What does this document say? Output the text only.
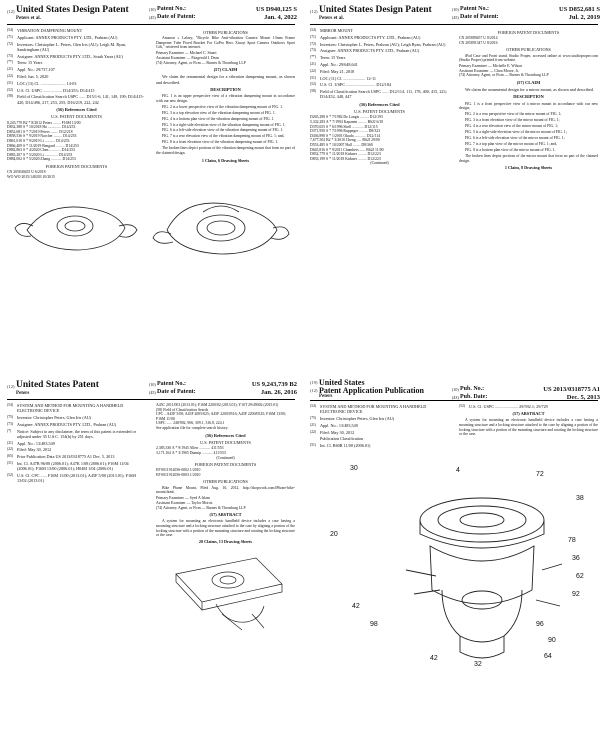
(12) United States Design Patent
Peters et al.
(10) Patent No.:	US D940,125 S
(45) Date of Patent:	Jan. 4, 2022
(54) VIBRATION DAMPENING MOUNT
(71) Applicant: ANNEX PRODUCTS PTY. LTD., Prahran (AU)
(72) Inventors: Christopher L. Peters, Glen Iris (AU); Leigh M. Ryan, Sandringham (AU)
(73) Assignee: ANNEX PRODUCTS PTY. LTD., South Yarra (AU)
(**) Term: 15 Years
(21) Appl. No.: 29/737,107
(22) Filed: Jun. 5, 2020
(51) LOC (13) Cl. ........................ 14-03
(52) U.S. Cl. USPC .................. D14/253; D14/415
(58) Field of Classification Search USPC ...... D15/1-6, 141, 149, 199; D14/415-420, D14/496, 217, 253, 255; D16/219, 222, 242
(56) References Cited
U.S. PATENT DOCUMENTS
8,243,770 B2 * 8/2012 Peters ........ F16M 13/00
D832,388 S * 10/2018 Ha .............. D14/253
D852,681 S * 7/2019 Peters ........ D12/218
D858,536 S * 9/2019 Narcher ......... D14/253
D861,010 S * 9/2019 Li ........... D14/253
D866,409 S * 11/2019 Bengard ......... D14/253
D882,863 S * 4/2020 Chen ............ D14/253
D883,207 S * 5/2020 Li .............. D14/253
D884,002 S * 5/2020 Zhang ........... D14/253
FOREIGN PATENT DOCUMENTS
CN 205840455 U 6/2018
WO WO 2015/148203 10/2015
OTHER PUBLICATIONS
Amazon » Lalaey, "Bicycle Bike Anti-vibration Camera Mount 13mm Frame Dampener Tube Fixed Bracket For GoPro Hero Xiaoyi Sport Camera Outdoors Sport Gift," retrieved from internet.
Primary Examiner — Michael C. Stuart
Assistant Examiner — Fitzgerald I. Dean
(74) Attorney, Agent, or Firm — Burnes & Thornburg LLP
(57) CLAIM
We claim the ornamental design for a vibration dampening mount, as shown and described.
DESCRIPTION
FIG. 1 is an upper perspective view of a vibration dampening mount in accordance with our new design.
FIG. 2 is a lower perspective view of the vibration dampening mount of FIG. 1.
FIG. 3 is a top elevation view of the vibration dampening mount of FIG. 1.
FIG. 4 is a bottom plan view of the vibration dampening mount of FIG. 1.
FIG. 5 is a right-side elevation view of the vibration dampening mount of FIG. 1.
FIG. 6 is a left-side elevation view of the vibration dampening mount of FIG. 1.
FIG. 7 is a rear elevation view of the vibration dampening mount of FIG. 1; and,
FIG. 8 is a front elevation view of the vibration dampening mount of FIG. 1.
The broken lines depict portions of the vibration dampening mount that form no part of the claimed design.
1 Claim, 6 Drawing Sheets
(12) United States Design Patent
Peters et al.
(10) Patent No.:	US D852,681 S
(45) Date of Patent:	Jul. 2, 2019
(54) MIRROR MOUNT
(71) Applicant: ANNEX PRODUCTS PTY. LTD., Prahran (AU)
(72) Inventors: Christopher L. Peters, Prahran (AU); Leigh Ryan, Prahran (AU)
(73) Assignee: ANNEX PRODUCTS PTY. LTD., Prahran (AU)
(**) Term: 15 Years
(21) Appl. No.: 29/648,641
(22) Filed: May 21, 2018
(51) LOC (11) Cl. ..................... 12-11
(52) U.S. Cl. USPC ............................ D12/184
(58) Field of Classification Search USPC ...... D12/114, 111, 178, 400, 415, 223; D14/452, 448, 447
(56) References Cited
U.S. PATENT DOCUMENTS
D265,298 S * 7/1982 De Langis ......... D12/193
5,332,283 A * 7/1994 Kapanen ......... B62J 6/10
D370,655 S * 6/1996 Shell ............ D12/115
D371,950 S * 7/1996 Ruppeger ......... D8/323
D436,898 S * 1/2001 Okuda ............ D12/114
7,677,502 B2 * 3/2010 Cheng ..... B62J 29/00
D553,485 S * 10/2007 Hall ........ D8/360
D645,816 S * 9/2011 Chambers ...... B62J 11/00
D832,779 S * 11/2018 Kirkner ......... D12/223
D833,199 S * 11/2018 Kirkner ......... D12/223
(Continued)
FOREIGN PATENT DOCUMENTS
CN 205889457 U 8/2014
CN 205891347 U 8/2016
OTHER PUBLICATIONS
iPad Case and Front stand, Studio Proper, accessed online at www.studioproper.com (Studio Proper) printed from website.
Primary Examiner — Michelle E. Wilson
Assistant Examiner — Clara Moore, Jr.
(74) Attorney, Agent, or Firm — Barnes & Thornburg LLP
(57) CLAIM
We claim the ornamental design for a mirror mount, as shown and described.
DESCRIPTION
FIG. 1 is a front perspective view of a mirror mount in accordance with our new design;
FIG. 2 is a rear perspective view of the mirror mount of FIG. 1;
FIG. 3 is a front elevation view of the mirror mount of FIG. 1;
FIG. 4 is a rear elevation view of the mirror mount of FIG. 1;
FIG. 5 is a right-side elevation view of the mirror mount of FIG. 1;
FIG. 6 is a left-side elevation view of the mirror mount of FIG. 1;
FIG. 7 is a top plan view of the mirror mount of FIG. 1; and,
FIG. 8 is a bottom plan view of the mirror mount of FIG. 1.
The broken lines depict portions of the mirror mount that form no part of the claimed design.
1 Claim, 8 Drawing Sheets
(12) United States Patent
Peters
(10) Patent No.:	US 9,243,739 B2
(45) Date of Patent:	Jan. 26, 2016
(54) SYSTEM AND METHOD FOR MOUNTING A HANDHELD ELECTRONIC DEVICE
(75) Inventor: Christopher Peters, Glen Iris (AU)
(73) Assignee: ANNEX PRODUCTS PTY. LTD., Prahran (AU)
(*) Notice: Subject to any disclaimer, the term of this patent is extended or adjusted under 35 U.S.C. 154(b) by 251 days.
(21) Appl. No.: 13/483,549
(22) Filed: May 30, 2012
(65) Prior Publication Data US 2013/0318775 A1 Dec. 5, 2013
(51) Int. Cl. A47B 96/00 (2006.01); A47K 1/08 (2006.01); F16M 11/04 (2006.01); F16M 13/00 (2006.01); H04M 1/04 (2006.01)
(52) U.S. Cl. CPC ...... F16M 11/00 (2013.01); A45F 5/00 (2013.01); F16M 13/02 (2013.01)
A45C 2011/003 (2013.01); F16M 2200/02 (2013.01); Y10T 29/49002 (2015.01)
(58) Field of Classification Search
CPC .. A45F 5/00; A45F 2005/025; A45F 2200/0516; A45F 2200/0525; F16M 13/00; F16M 11/00
USPC ...... 248/902, 906, 309.1, 316.8, 224.1
See application file for complete search history.
(56) References Cited
U.S. PATENT DOCUMENTS
2,385,330 A * 9/1945 Allen ............ 411/553
3,171,162 A * 3/1965 Dunnip ........... 411/553
(Continued)
FOREIGN PATENT DOCUMENTS
EP 0011912056-0002 1/2010
EP 0011912056-0003 1/2010
OTHER PUBLICATIONS
Bike Phone Mount, Filed Aug. 10, 2012, http://shopwork.com/iPhone-bike-mount.html.
Primary Examiner — Syed A Islam
Assistant Examiner — Taylor Morris
(74) Attorney, Agent, or Firm — Barnes & Thornburg LLP
(57) ABSTRACT
A system for mounting an electronic handheld device includes a case having a mounting structure and a locking structure attached to the case by aligning a portion of the locking structure with a portion of the mounting structure and rotating the locking structure or the case.
20 Claims, 13 Drawing Sheets
(19) United States
(12) Patent Application Publication
Peters
(10) Pub. No.:	US 2013/0318775 A1
(43) Pub. Date:	Dec. 5, 2013
(54) SYSTEM AND METHOD FOR MOUNTING A HANDHELD ELECTRONIC DEVICE
(75) Inventor: Christopher Peters, Glen Iris (AU)
(21) Appl. No.: 13/483,549
(22) Filed: May 30, 2012
Publication Classification
(51) Int. Cl. B60R 11/00 (2006.01)
(52) U.S. Cl. USPC ...................... 29/592.1; 29/729
(57) ABSTRACT
A system for mounting an electronic handheld device includes a case having a mounting structure and a locking structure attached to the case by aligning a portion of the locking structure with a portion of the mounting structure and rotating the locking structure or the case.
30	4
72
38
20
78
36
62
92
42
98	96
90
64
42
32
